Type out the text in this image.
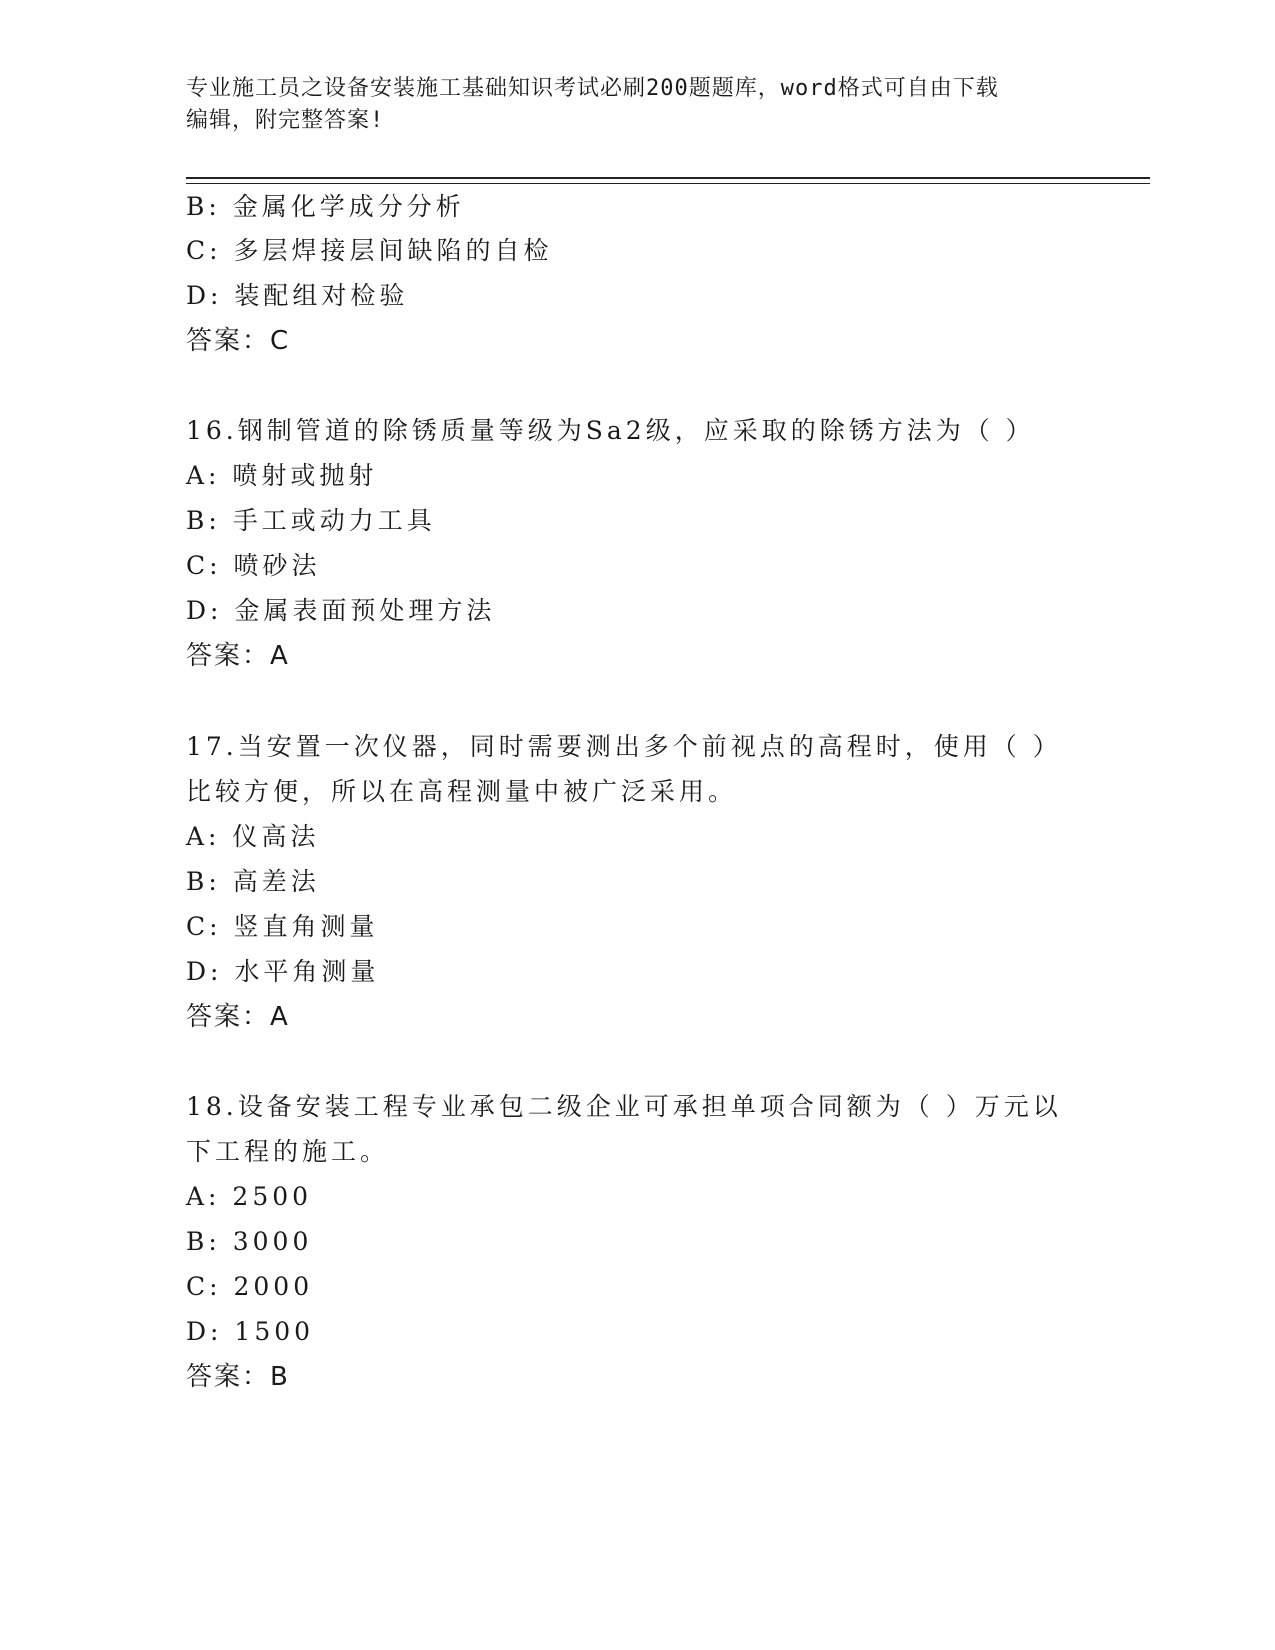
专业施工员之设备安装施工基础知识考试必刷200题题库，word格式可自由下载
编辑，附完整答案!
B: 金属化学成分分析
C: 多层焊接层间缺陷的自检
D: 装配组对检验
答案：C
16.钢制管道的除锈质量等级为Sa2级，应采取的除锈方法为（ ）
A: 喷射或抛射
B: 手工或动力工具
C: 喷砂法
D: 金属表面预处理方法
答案：A
17.当安置一次仪器，同时需要测出多个前视点的高程时，使用（ ）
比较方便，所以在高程测量中被广泛采用。
A: 仪高法
B: 高差法
C: 竖直角测量
D: 水平角测量
答案：A
18.设备安装工程专业承包二级企业可承担单项合同额为（ ）万元以
下工程的施工。
A: 2500
B: 3000
C: 2000
D: 1500
答案：B
